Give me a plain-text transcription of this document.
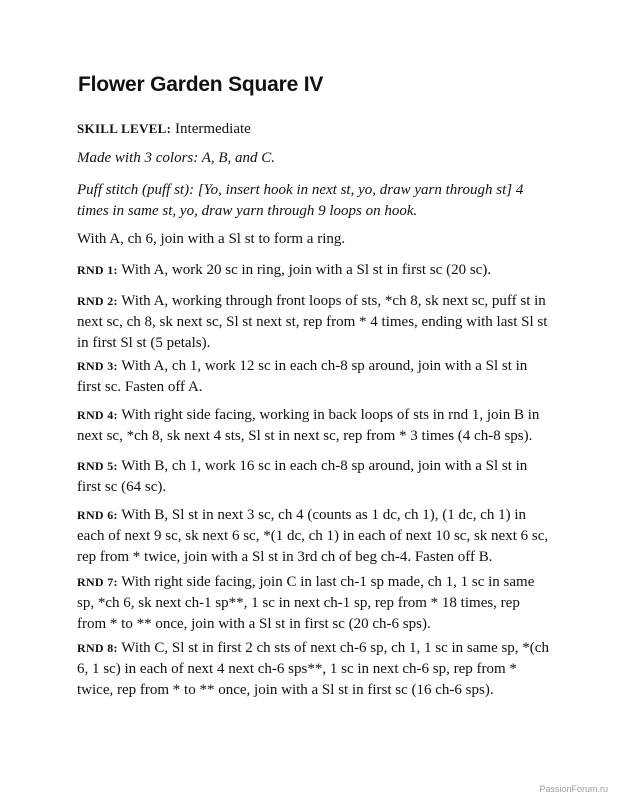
Flower Garden Square IV

SKILL LEVEL: Intermediate

Made with 3 colors: A, B, and C.

Puff stitch (puff st): [Yo, insert hook in next st, yo, draw yarn through st] 4 times in same st, yo, draw yarn through 9 loops on hook.

With A, ch 6, join with a Sl st to form a ring.

RND 1: With A, work 20 sc in ring, join with a Sl st in first sc (20 sc).

RND 2: With A, working through front loops of sts, *ch 8, sk next sc, puff st in next sc, ch 8, sk next sc, Sl st next st, rep from * 4 times, ending with last Sl st in first Sl st (5 petals).

RND 3: With A, ch 1, work 12 sc in each ch-8 sp around, join with a Sl st in first sc. Fasten off A.

RND 4: With right side facing, working in back loops of sts in rnd 1, join B in next sc, *ch 8, sk next 4 sts, Sl st in next sc, rep from * 3 times (4 ch-8 sps).

RND 5: With B, ch 1, work 16 sc in each ch-8 sp around, join with a Sl st in first sc (64 sc).

RND 6: With B, Sl st in next 3 sc, ch 4 (counts as 1 dc, ch 1), (1 dc, ch 1) in each of next 9 sc, sk next 6 sc, *(1 dc, ch 1) in each of next 10 sc, sk next 6 sc, rep from * twice, join with a Sl st in 3rd ch of beg ch-4. Fasten off B.

RND 7: With right side facing, join C in last ch-1 sp made, ch 1, 1 sc in same sp, *ch 6, sk next ch-1 sp**, 1 sc in next ch-1 sp, rep from * 18 times, rep from * to ** once, join with a Sl st in first sc (20 ch-6 sps).

RND 8: With C, Sl st in first 2 ch sts of next ch-6 sp, ch 1, 1 sc in same sp, *(ch 6, 1 sc) in each of next 4 next ch-6 sps**, 1 sc in next ch-6 sp, rep from * twice, rep from * to ** once, join with a Sl st in first sc (16 ch-6 sps).

PassionForum.ru
